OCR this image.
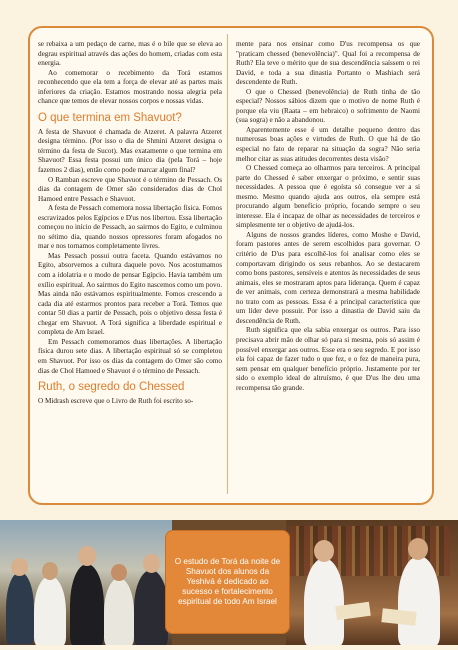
se rebaixa a um pedaço de carne, mas é o bile que se eleva ao degrau espiritual através das ações do homem, criadas com esta energia.

Ao comemorar o recebimento da Torá estamos reconhecendo que ela tem a força de elevar até as partes mais inferiores da criação. Estamos mostrando nossa alegria pela chance que temos de elevar nossos corpos e nossas vidas.

O que termina em Shavuot?

A festa de Shavuot é chamada de Atzeret. A palavra Atzeret designa término. (Por isso o dia de Shmini Atzeret designa o término da festa de Sucot). Mas exatamente o que termina em Shavuot? Essa festa possui um único dia (pela Torá – hoje fazemos 2 dias), então como pode marcar algum final?

O Ramban escreve que Shavuot é o término de Pessach. Os dias da contagem de Omer são considerados dias de Chol Hamoed entre Pessach e Shavuot.

A festa de Pessach comemora nossa libertação física. Fomos escravizados pelos Egípcios e D'us nos libertou. Essa libertação começou no início de Pessach, ao sairmos do Egito, e culminou no sétimo dia, quando nossos opressores foram afogados no mar e nos tornamos completamente livres.

Mas Pessach possui outra faceta. Quando estávamos no Egito, absorvemos a cultura daquele povo. Nos acostumamos com a idolatria e o modo de pensar Egípcio. Havia também um exílio espiritual. Ao sairmos do Egito nascemos como um povo. Mas ainda não estávamos espiritualmente. Fomos crescendo a cada dia até estarmos prontos para receber a Torá. Temos que contar 50 dias a partir de Pessach, pois o objetivo dessa festa é chegar em Shavuot. A Torá significa a liberdade espiritual e completa de Am Israel.

Em Pessach comemoramos duas libertações. A libertação física durou sete dias. A libertação espiritual só se completou em Shavuot. Por isso os dias da contagem do Omer são como dias de Chol Hamoed e Shavuot é o término de Pessach.

Ruth, o segredo do Chessed

O Midrash escreve que o Livro de Ruth foi escrito so-

mente para nos ensinar como D'us recompensa os que "praticam chessed (benevolência)". Qual foi a recompensa de Ruth? Ela teve o mérito que de sua descendência saíssem o rei David, e toda a sua dinastia Portanto o Mashiach será descendente de Ruth.

O que o Chessed (benevolência) de Ruth tinha de tão especial? Nossos sábios dizem que o motivo de nome Ruth é porque ela viu (Raata – em hebraico) o sofrimento de Naomi (sua sogra) e não a abandonou.

Aparentemente esse é um detalhe pequeno dentro das numerosas boas ações e virtudes de Ruth. O que há de tão especial no fato de reparar na situação da sogra? Não seria melhor citar as suas atitudes decorrentes desta visão?

O Chessed começa ao olharmos para terceiros. A principal parte do Chessed é saber enxergar o próximo, e sentir suas necessidades. A pessoa que é egoísta só consegue ver a si mesmo. Mesmo quando ajuda aos outros, ela sempre está procurando algum benefício próprio, focando sempre o seu interesse. Ela é incapaz de olhar as necessidades de terceiros e simplesmente ter o objetivo de ajudá-los.

Alguns de nossos grandes líderes, como Moshe e David, foram pastores antes de serem escolhidos para governar. O critério de D'us para escolhê-los foi analisar como eles se comportavam dirigindo os seus rebanhos. Ao se destacarem como bons pastores, sensíveis e atentos às necessidades de seus animais, eles se mostraram aptos para liderança. Quem é capaz de ver animais, com certeza demonstrará a mesma habilidade no trato com as pessoas. Essa é a principal característica que um líder deve possuir. Por isso a dinastia de David saiu da descendência de Ruth.

Ruth significa que ela sabia enxergar os outros. Para isso precisava abrir mão de olhar só para si mesma, pois só assim é possível enxergar aos outros. Esse era o seu segredo. E por isso ela foi capaz de fazer tudo o que fez, e o fez de maneira pura, sem pensar em qualquer benefício próprio. Justamente por ter sido o exemplo ideal de altruísmo, é que D'us lhe deu uma recompensa tão grande.

O estudo de Torá da noite de Shavuot dos alunos da Yeshivá é dedicado ao sucesso e fortalecimento espiritual de todo Am Israel
